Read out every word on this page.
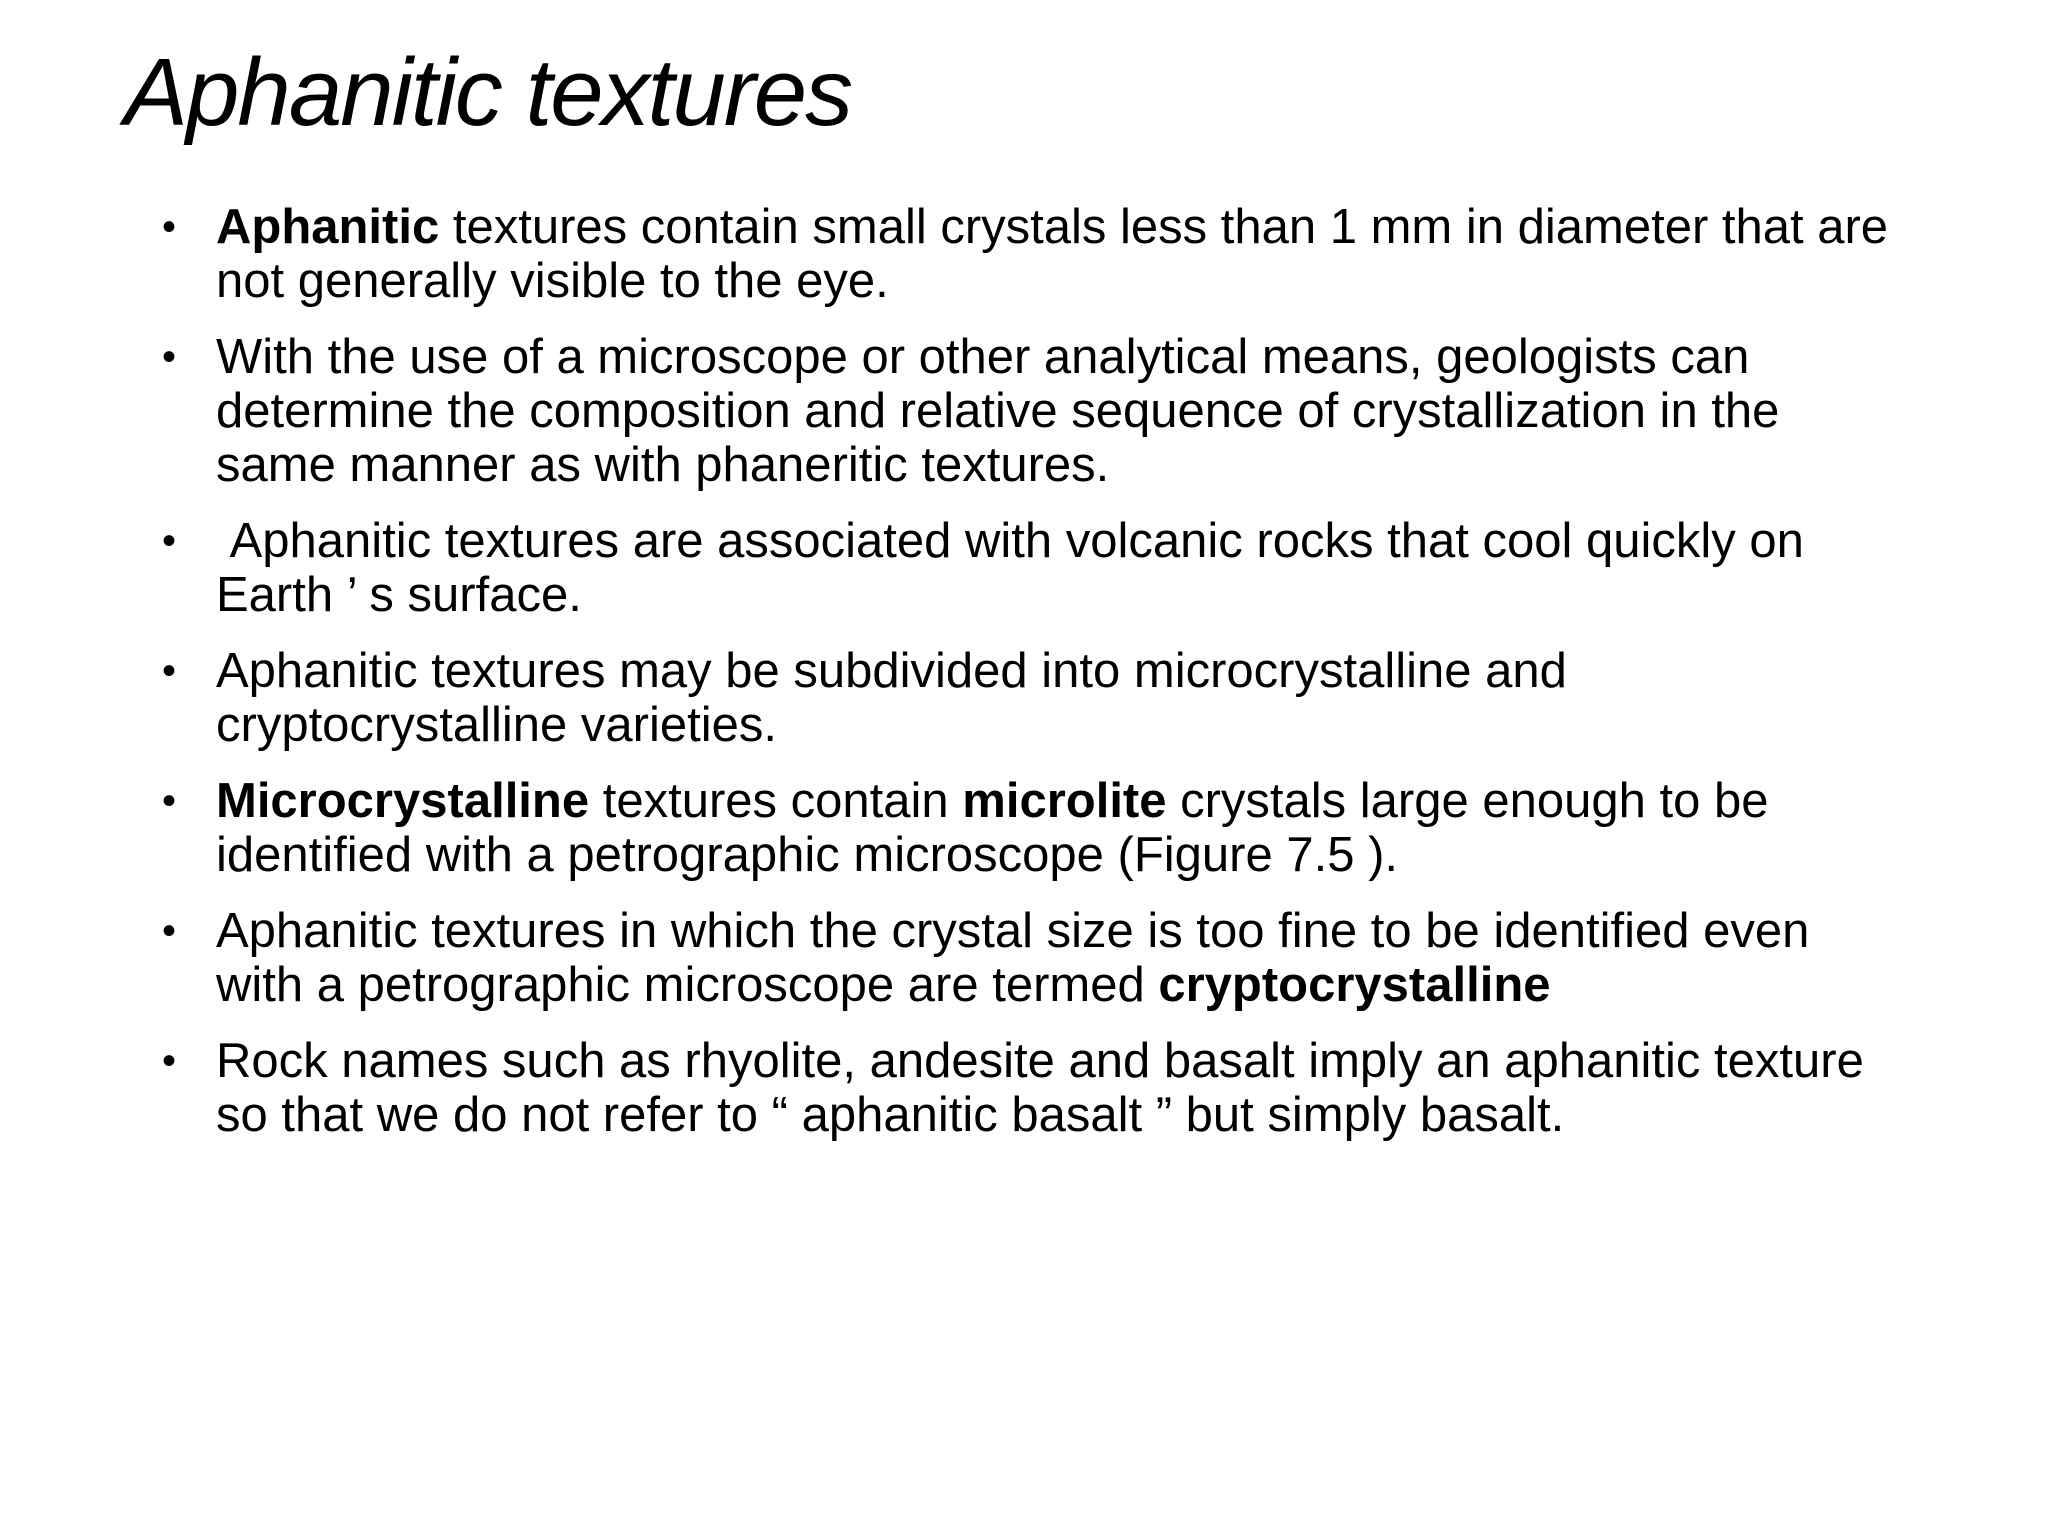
Aphanitic textures
• Aphanitic textures contain small crystals less than 1 mm in diameter that are not generally visible to the eye.
• With the use of a microscope or other analytical means, geologists can determine the composition and relative sequence of crystallization in the same manner as with phaneritic textures.
• Aphanitic textures are associated with volcanic rocks that cool quickly on Earth ’ s surface.
• Aphanitic textures may be subdivided into microcrystalline and cryptocrystalline varieties.
• Microcrystalline textures contain microlite crystals large enough to be identified with a petrographic microscope (Figure 7.5 ).
• Aphanitic textures in which the crystal size is too fine to be identified even with a petrographic microscope are termed cryptocrystalline
• Rock names such as rhyolite, andesite and basalt imply an aphanitic texture so that we do not refer to “ aphanitic basalt ” but simply basalt.
